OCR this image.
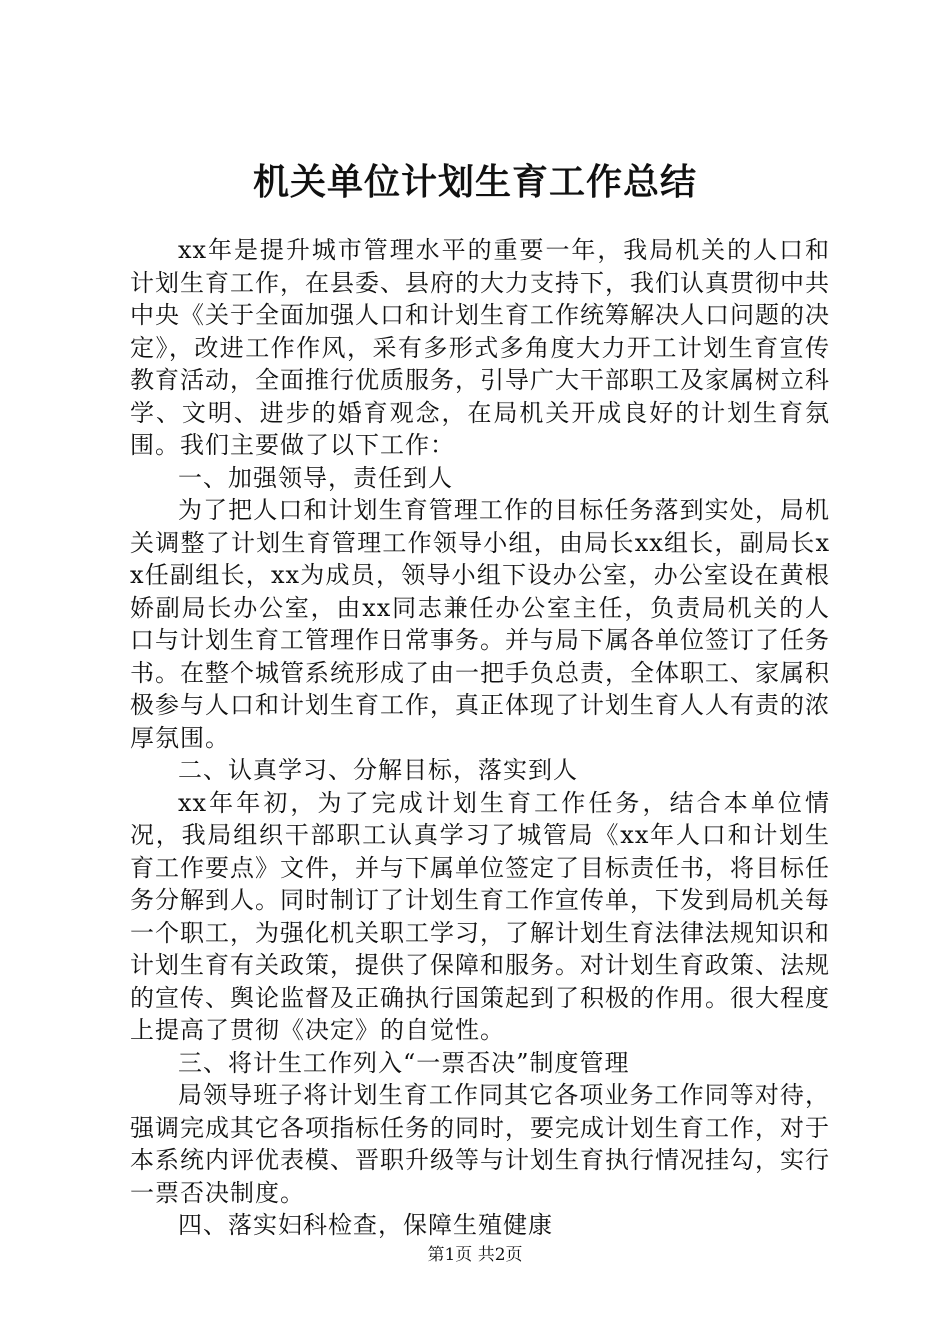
机关单位计划生育工作总结

xx年是提升城市管理水平的重要一年，我局机关的人口和计划生育工作，在县委、县府的大力支持下，我们认真贯彻中共中央《关于全面加强人口和计划生育工作统筹解决人口问题的决定》，改进工作作风，采有多形式多角度大力开工计划生育宣传教育活动，全面推行优质服务，引导广大干部职工及家属树立科学、文明、进步的婚育观念，在局机关开成良好的计划生育氛围。我们主要做了以下工作：

一、加强领导，责任到人

为了把人口和计划生育管理工作的目标任务落到实处，局机关调整了计划生育管理工作领导小组，由局长xx组长，副局长xx任副组长，xx为成员，领导小组下设办公室，办公室设在黄根娇副局长办公室，由xx同志兼任办公室主任，负责局机关的人口与计划生育工管理作日常事务。并与局下属各单位签订了任务书。在整个城管系统形成了由一把手负总责，全体职工、家属积极参与人口和计划生育工作，真正体现了计划生育人人有责的浓厚氛围。

二、认真学习、分解目标，落实到人

xx年年初，为了完成计划生育工作任务，结合本单位情况，我局组织干部职工认真学习了城管局《xx年人口和计划生育工作要点》文件，并与下属单位签定了目标责任书，将目标任务分解到人。同时制订了计划生育工作宣传单，下发到局机关每一个职工，为强化机关职工学习，了解计划生育法律法规知识和计划生育有关政策，提供了保障和服务。对计划生育政策、法规的宣传、舆论监督及正确执行国策起到了积极的作用。很大程度上提高了贯彻《决定》的自觉性。

三、将计生工作列入“一票否决”制度管理

局领导班子将计划生育工作同其它各项业务工作同等对待，强调完成其它各项指标任务的同时，要完成计划生育工作，对于本系统内评优表模、晋职升级等与计划生育执行情况挂勾，实行一票否决制度。

四、落实妇科检查，保障生殖健康

第1页 共2页
